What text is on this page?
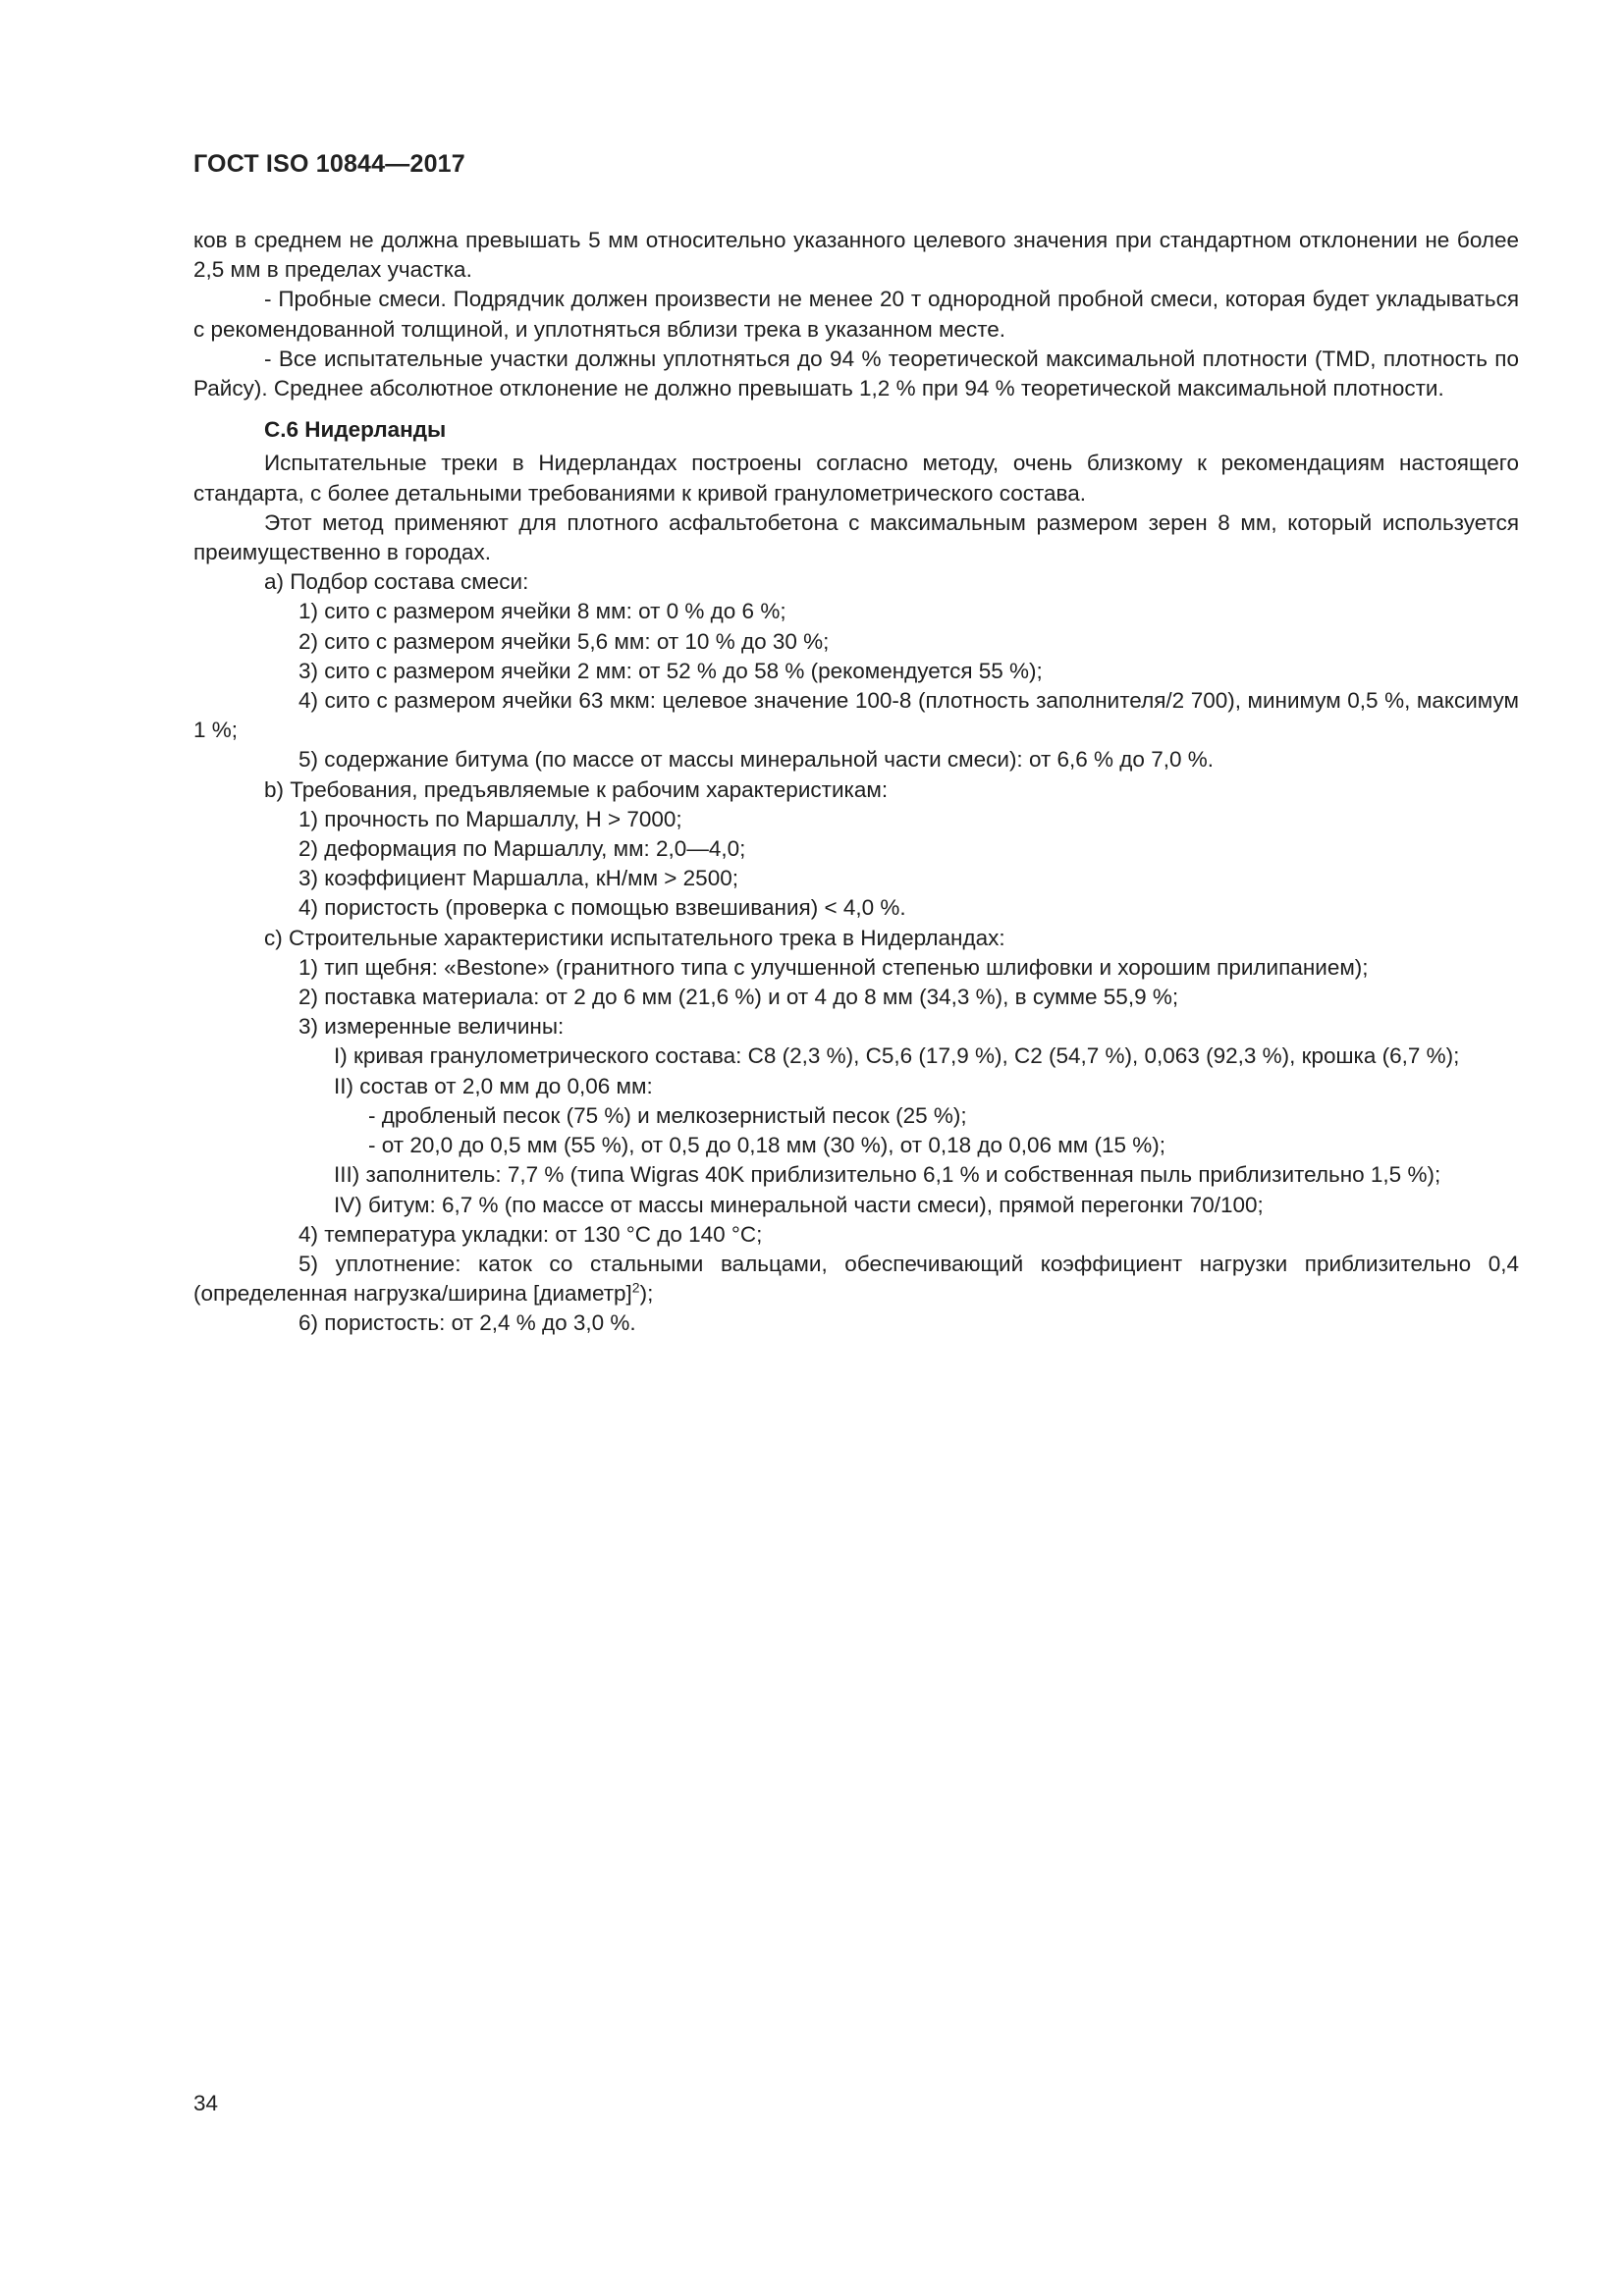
ГОСТ ISO 10844—2017

ков в среднем не должна превышать 5 мм относительно указанного целевого значения при стандартном отклонении не более 2,5 мм в пределах участка.

- Пробные смеси. Подрядчик должен произвести не менее 20 т однородной пробной смеси, которая будет укладываться с рекомендованной толщиной, и уплотняться вблизи трека в указанном месте.

- Все испытательные участки должны уплотняться до 94 % теоретической максимальной плотности (TMD, плотность по Райсу). Среднее абсолютное отклонение не должно превышать 1,2 % при 94 % теоретической максимальной плотности.

С.6 Нидерланды

Испытательные треки в Нидерландах построены согласно методу, очень близкому к рекомендациям настоящего стандарта, с более детальными требованиями к кривой гранулометрического состава.

Этот метод применяют для плотного асфальтобетона с максимальным размером зерен 8 мм, который используется преимущественно в городах.

a) Подбор состава смеси:

1) сито с размером ячейки 8 мм: от 0 % до 6 %;

2) сито с размером ячейки 5,6 мм: от 10 % до 30 %;

3) сито с размером ячейки 2 мм: от 52 % до 58 % (рекомендуется 55 %);

4) сито с размером ячейки 63 мкм: целевое значение 100-8 (плотность заполнителя/2 700), минимум 0,5 %, максимум 1 %;

5) содержание битума (по массе от массы минеральной части смеси): от 6,6 % до 7,0 %.

b) Требования, предъявляемые к рабочим характеристикам:

1) прочность по Маршаллу, Н > 7000;

2) деформация по Маршаллу, мм: 2,0—4,0;

3) коэффициент Маршалла, кН/мм > 2500;

4) пористость (проверка с помощью взвешивания) < 4,0 %.

c) Строительные характеристики испытательного трека в Нидерландах:

1) тип щебня: «Bestone» (гранитного типа с улучшенной степенью шлифовки и хорошим прилипанием);

2) поставка материала: от 2 до 6 мм (21,6 %) и от 4 до 8 мм (34,3 %), в сумме 55,9 %;

3) измеренные величины:

I) кривая гранулометрического состава: С8 (2,3 %), С5,6 (17,9 %), С2 (54,7 %), 0,063 (92,3 %), крошка (6,7 %);

II) состав от 2,0 мм до 0,06 мм:

- дробленый песок (75 %) и мелкозернистый песок (25 %);

- от 20,0 до 0,5 мм (55 %), от 0,5 до 0,18 мм (30 %), от 0,18 до 0,06 мм (15 %);

III) заполнитель: 7,7 % (типа Wigras 40K приблизительно 6,1 % и собственная пыль приблизительно 1,5 %);

IV) битум: 6,7 % (по массе от массы минеральной части смеси), прямой перегонки 70/100;

4) температура укладки: от 130 °С до 140 °С;

5) уплотнение: каток со стальными вальцами, обеспечивающий коэффициент нагрузки приблизительно 0,4 (определенная нагрузка/ширина [диаметр]$^2$);

6) пористость: от 2,4 % до 3,0 %.

34
